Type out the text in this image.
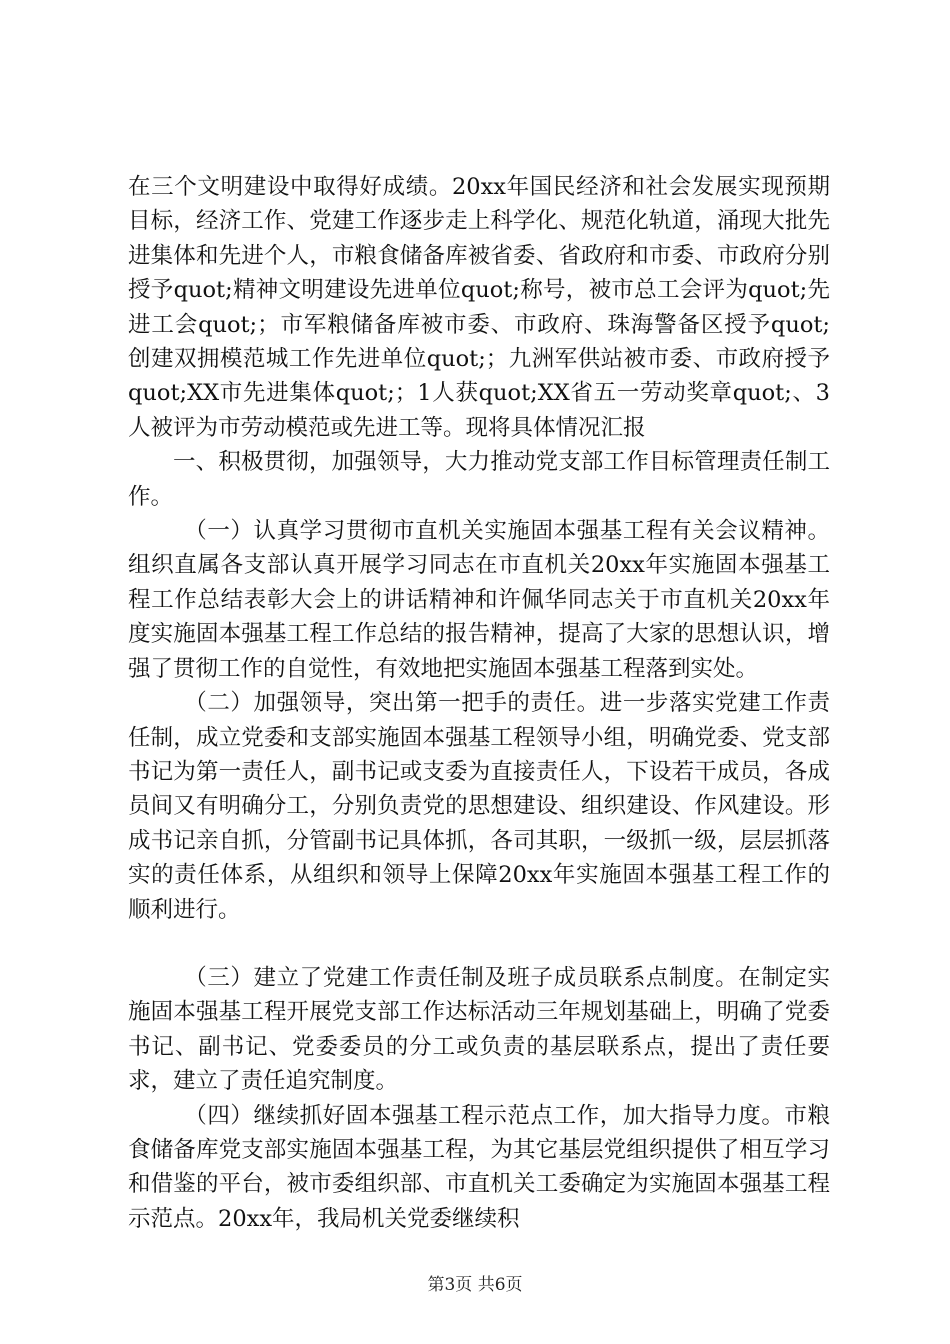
在三个文明建设中取得好成绩。20xx年国民经济和社会发展实现预期目标，经济工作、党建工作逐步走上科学化、规范化轨道，涌现大批先进集体和先进个人，市粮食储备库被省委、省政府和市委、市政府分别授予quot;精神文明建设先进单位quot;称号，被市总工会评为quot;先进工会quot;；市军粮储备库被市委、市政府、珠海警备区授予quot;创建双拥模范城工作先进单位quot;；九洲军供站被市委、市政府授予quot;XX市先进集体quot;；1人获quot;XX省五一劳动奖章quot;、3人被评为市劳动模范或先进工等。现将具体情况汇报

一、积极贯彻，加强领导，大力推动党支部工作目标管理责任制工作。

（一）认真学习贯彻市直机关实施固本强基工程有关会议精神。组织直属各支部认真开展学习同志在市直机关20xx年实施固本强基工程工作总结表彰大会上的讲话精神和许佩华同志关于市直机关20xx年度实施固本强基工程工作总结的报告精神，提高了大家的思想认识，增强了贯彻工作的自觉性，有效地把实施固本强基工程落到实处。

（二）加强领导，突出第一把手的责任。进一步落实党建工作责任制，成立党委和支部实施固本强基工程领导小组，明确党委、党支部书记为第一责任人，副书记或支委为直接责任人，下设若干成员，各成员间又有明确分工，分别负责党的思想建设、组织建设、作风建设。形成书记亲自抓，分管副书记具体抓，各司其职，一级抓一级，层层抓落实的责任体系，从组织和领导上保障20xx年实施固本强基工程工作的顺利进行。

（三）建立了党建工作责任制及班子成员联系点制度。在制定实施固本强基工程开展党支部工作达标活动三年规划基础上，明确了党委书记、副书记、党委委员的分工或负责的基层联系点，提出了责任要求，建立了责任追究制度。

（四）继续抓好固本强基工程示范点工作，加大指导力度。市粮食储备库党支部实施固本强基工程，为其它基层党组织提供了相互学习和借鉴的平台，被市委组织部、市直机关工委确定为实施固本强基工程示范点。20xx年，我局机关党委继续积

第3页 共6页
